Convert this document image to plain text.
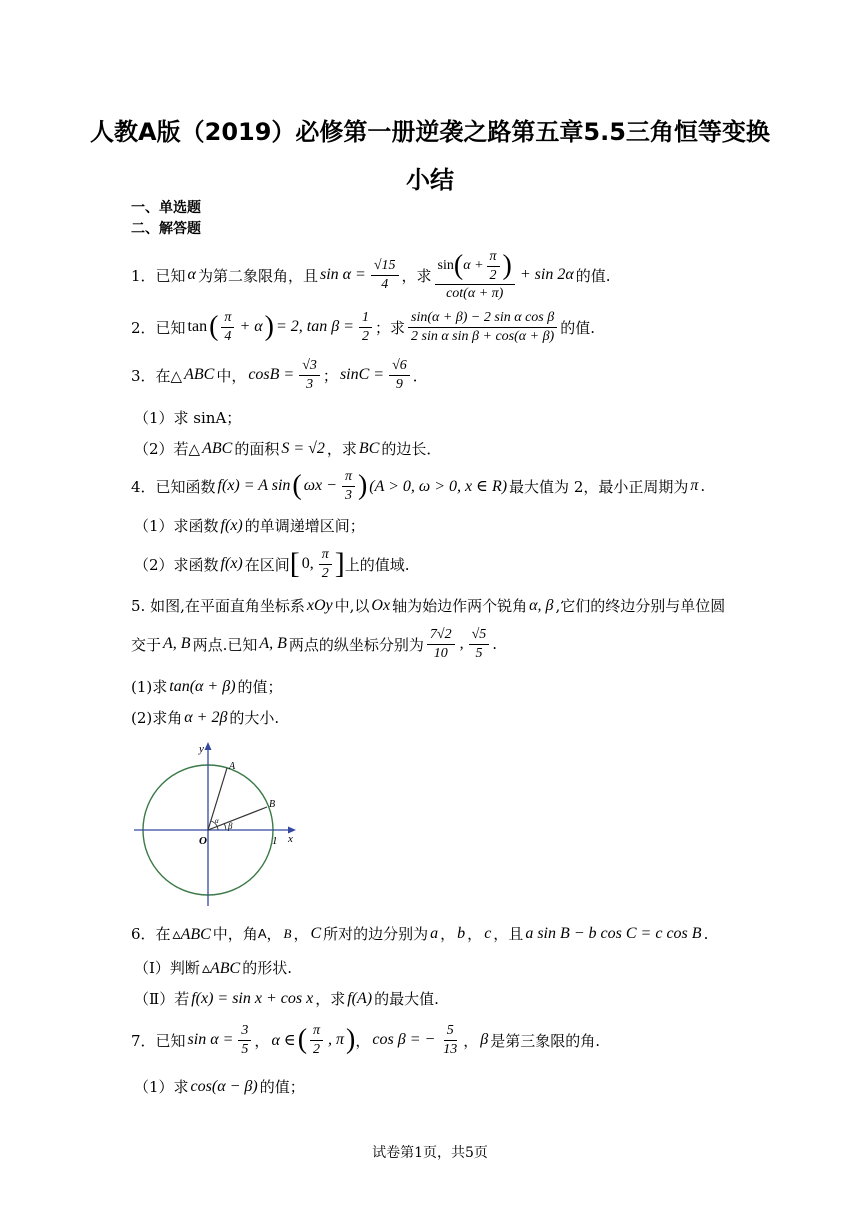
人教A版（2019）必修第一册逆袭之路第五章5.5三角恒等变换
小结
一、单选题
二、解答题
1．已知 α 为第二象限角，且 $\sin \alpha = \frac{√15}{4}$ ，求 $\frac{\sin ( \alpha + \frac{\pi}{2} )}{\cot(\alpha + \pi)} + \sin 2\alpha$ 的值.
2．已知 tan ( $\frac{\pi}{4} + \alpha$ ) = 2, $\tan \beta = \frac{1}{2}$ ；求 $\frac{\text{sin(α + β) − 2 sin α cos β}}{\text{2 sin α sin β + cos(α + β)}}$ 的值.
3．在△ ABC 中， $\cos B = \frac{√3}{3}$ ； $\sin C = \frac{√6}{9}$ ．
（1）求 sinA；
（2）若△ ABC 的面积 S = √2 ，求 BC 的边长．
4．已知函数 f(x) = A sin ( $\omega x - \frac{\pi}{3}$ ) (A > 0, ω > 0, x ∈ R) 最大值为 2，最小正周期为 π .
（1）求函数 f(x) 的单调递增区间；
（2）求函数 f(x) 在区间 [ 0, $\frac{\pi}{2}$ ] 上的值域.
5. 如图,在平面直角坐标系 xOy 中,以 Ox 轴为始边作两个锐角 α, β ,它们的终边分别与单位圆
交于 A, B 两点.已知 A, B 两点的纵坐标分别为 $\frac{7√2}{10}$ , $\frac{√5}{5}$ .
(1)求 tan(α + β) 的值；
(2)求角 α + 2β 的大小.
y
x
O	1
A
B
β
α
6．在 ▵ABC 中，角 A ， B ， C 所对的边分别为 a ， b ， c ，且 a sin B − b cos C = c cos B .
（Ⅰ）判断 ▵ABC 的形状.
（Ⅱ）若 f(x) = sin x + cos x ，求 f(A) 的最大值.
7．已知 $\sin \alpha = \frac{3}{5}$ ， α ∈ ( $\frac{\pi}{2}$ , π ) ， cos β = − $\frac{5}{13}$ ， β 是第三象限的角.
（1）求 cos(α − β) 的值；
试卷第1页，共5页
